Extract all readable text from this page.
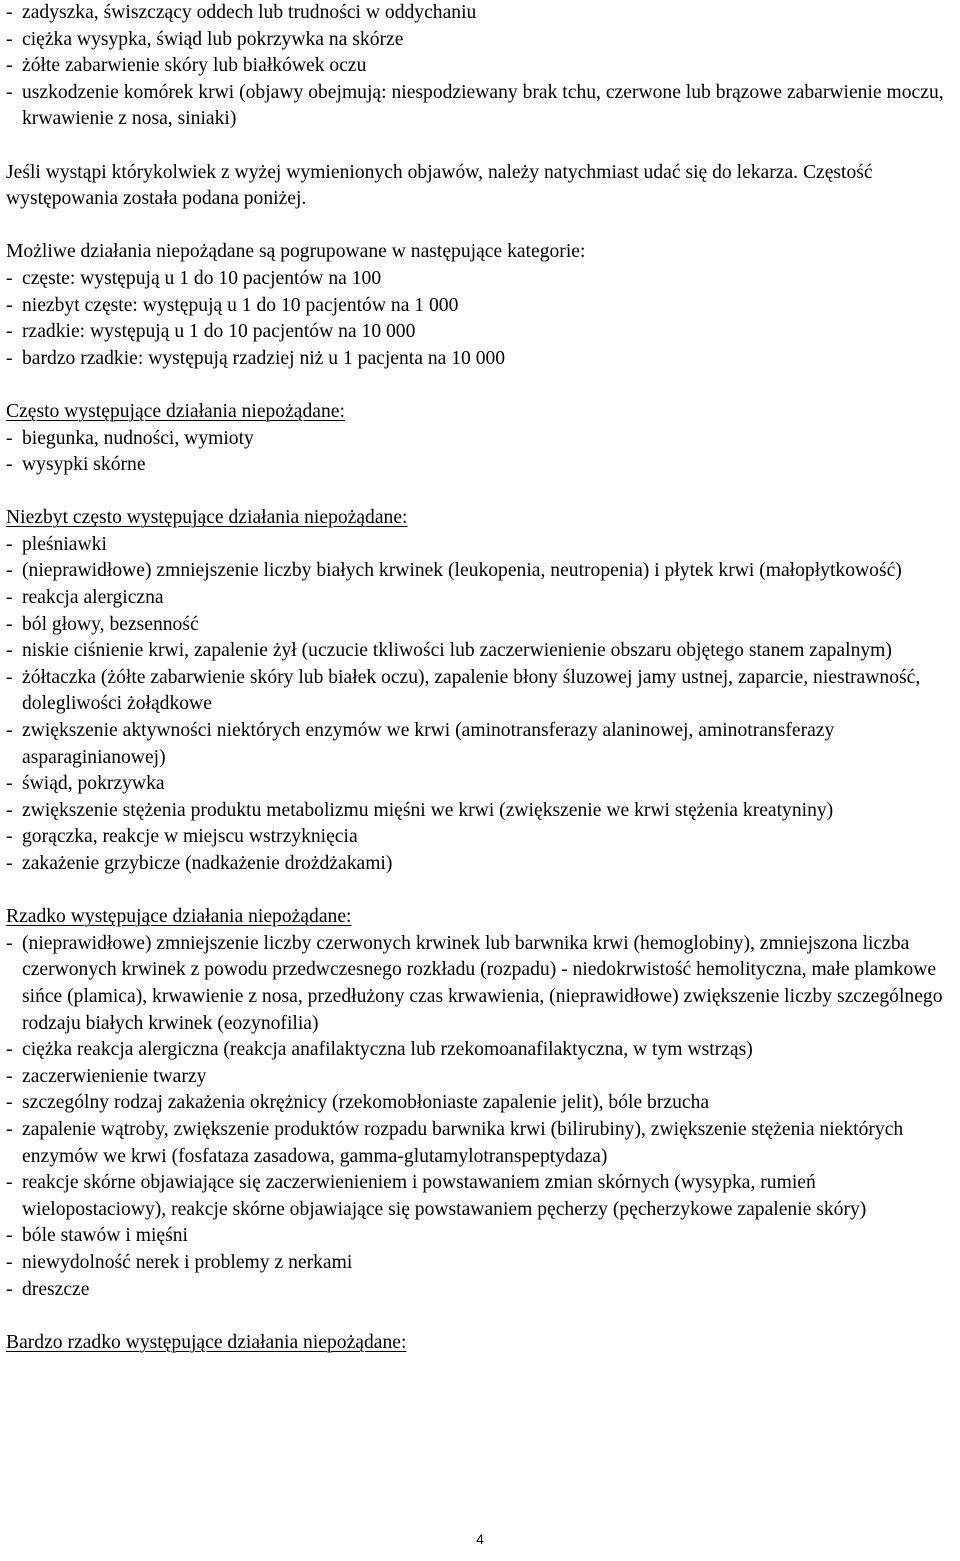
- zadyszka, świszczący oddech lub trudności w oddychaniu
- ciężka wysypka, świąd lub pokrzywka na skórze
- żółte zabarwienie skóry lub białkówek oczu
- uszkodzenie komórek krwi (objawy obejmują: niespodziewany brak tchu, czerwone lub brązowe zabarwienie moczu, krwawienie z nosa, siniaki)

Jeśli wystąpi którykolwiek z wyżej wymienionych objawów, należy natychmiast udać się do lekarza. Częstość występowania została podana poniżej.

Możliwe działania niepożądane są pogrupowane w następujące kategorie:

- częste: występują u 1 do 10 pacjentów na 100
- niezbyt częste: występują u 1 do 10 pacjentów na 1 000
- rzadkie: występują u 1 do 10 pacjentów na 10 000
- bardzo rzadkie: występują rzadziej niż u 1 pacjenta na 10 000

Często występujące działania niepożądane:

- biegunka, nudności, wymioty
- wysypki skórne

Niezbyt często występujące działania niepożądane:

- pleśniawki
- (nieprawidłowe) zmniejszenie liczby białych krwinek (leukopenia, neutropenia) i płytek krwi (małopłytkowość)
- reakcja alergiczna
- ból głowy, bezsenność
- niskie ciśnienie krwi, zapalenie żył (uczucie tkliwości lub zaczerwienienie obszaru objętego stanem zapalnym)
- żółtaczka (żółte zabarwienie skóry lub białek oczu), zapalenie błony śluzowej jamy ustnej, zaparcie, niestrawność, dolegliwości żołądkowe
- zwiększenie aktywności niektórych enzymów we krwi (aminotransferazy alaninowej, aminotransferazy asparaginianowej)
- świąd, pokrzywka
- zwiększenie stężenia produktu metabolizmu mięśni we krwi (zwiększenie we krwi stężenia kreatyniny)
- gorączka, reakcje w miejscu wstrzyknięcia
- zakażenie grzybicze (nadkażenie drożdżakami)

Rzadko występujące działania niepożądane:

- (nieprawidłowe) zmniejszenie liczby czerwonych krwinek lub barwnika krwi (hemoglobiny), zmniejszona liczba czerwonych krwinek z powodu przedwczesnego rozkładu (rozpadu) - niedokrwistość hemolityczna, małe plamkowe sińce (plamica), krwawienie z nosa, przedłużony czas krwawienia, (nieprawidłowe) zwiększenie liczby szczególnego rodzaju białych krwinek (eozynofilia)
- ciężka reakcja alergiczna (reakcja anafilaktyczna lub rzekomoanafilaktyczna, w tym wstrząs)
- zaczerwienienie twarzy
- szczególny rodzaj zakażenia okrężnicy (rzekomobłoniaste zapalenie jelit), bóle brzucha
- zapalenie wątroby, zwiększenie produktów rozpadu barwnika krwi (bilirubiny), zwiększenie stężenia niektórych enzymów we krwi (fosfataza zasadowa, gamma-glutamylotranspeptydaza)
- reakcje skórne objawiające się zaczerwienieniem i powstawaniem zmian skórnych (wysypka, rumień wielopostaciowy), reakcje skórne objawiające się powstawaniem pęcherzy (pęcherzykowe zapalenie skóry)
- bóle stawów i mięśni
- niewydolność nerek i problemy z nerkami
- dreszcze

Bardzo rzadko występujące działania niepożądane:

4
